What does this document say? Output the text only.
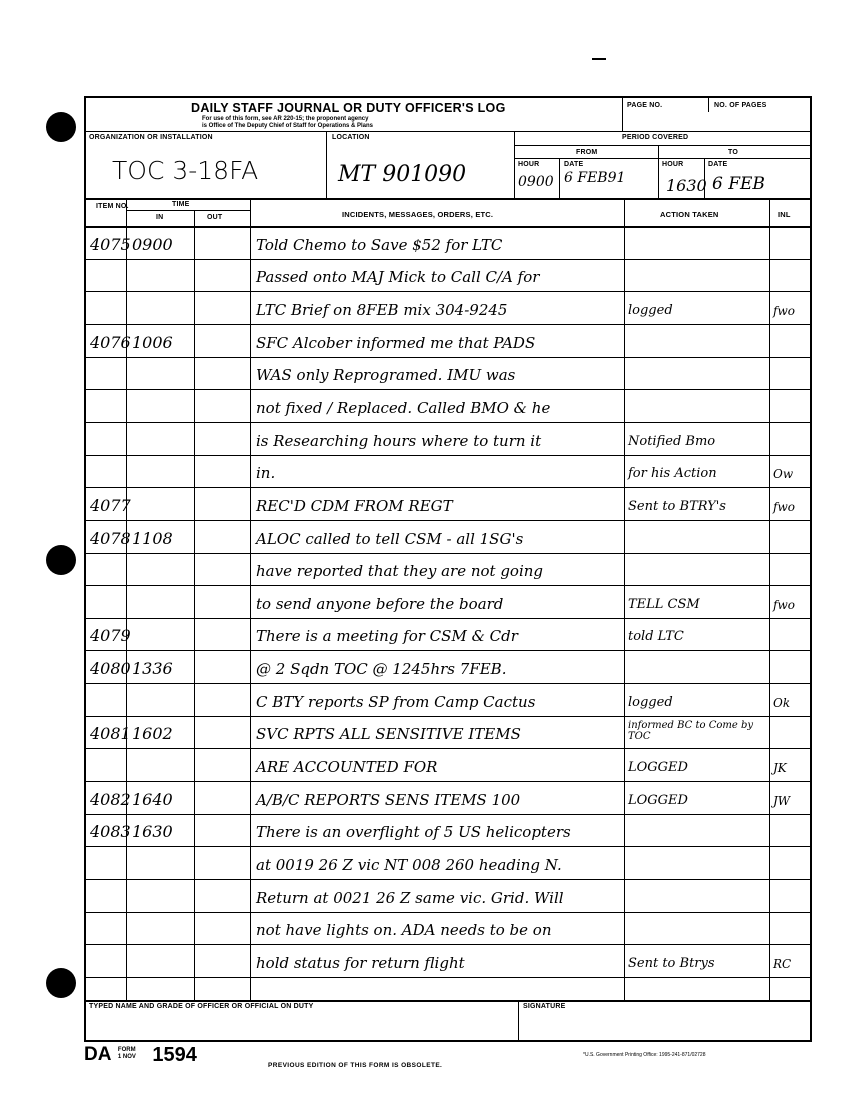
DAILY STAFF JOURNAL OR DUTY OFFICER'S LOG
For use of this form, see AR 220-15; the proponent agency
is Office of The Deputy Chief of Staff for Operations & Plans
PAGE NO.	NO. OF PAGES
ORGANIZATION OR INSTALLATION	LOCATION	PERIOD COVERED
FROM	TO
HOUR	DATE	HOUR	DATE
TOC 3-18FA	MT 901090	0900 6 FEB91	1630 6 FEB
ITEM NO.	TIME
IN	OUT	INCIDENTS, MESSAGES, ORDERS, ETC.	ACTION TAKEN	INL
4075 0900	Told Chemo to Save $52 for LTC
Passed onto MAJ Mick to Call C/A for
LTC Brief on 8FEB mix 304-9245	logged	fwo
4076 1006	SFC Alcober informed me that PADS
WAS only Reprogramed. IMU was
not fixed / Replaced. Called BMO & he
is Researching hours where to turn it	Notified Bmo
in.	for his Action	Ow
4077	REC'D CDM FROM REGT	Sent to BTRY's	fwo
4078 1108	ALOC called to tell CSM - all 1SG's
have reported that they are not going
to send anyone before the board	TELL CSM	fwo
4079	There is a meeting for CSM & Cdr	told LTC
4080 1336	@ 2 Sqdn TOC @ 1245hrs 7FEB.
C BTY reports SP from Camp Cactus	logged	Ok
4081 1602	SVC RPTS ALL SENSITIVE ITEMS
informed BC to Come by TOC
ARE ACCOUNTED FOR	LOGGED	JK
4082 1640	A/B/C REPORTS SENS ITEMS 100	LOGGED	JW
4083 1630	There is an overflight of 5 US helicopters
at 0019 26 Z vic NT 008 260 heading N.
Return at 0021 26 Z same vic. Grid. Will
not have lights on. ADA needs to be on
hold status for return flight	Sent to Btrys	RC
TYPED NAME AND GRADE OF OFFICER OR OFFICIAL ON DUTY	SIGNATURE
DA FORM
1 NOV 1594	PREVIOUS EDITION OF THIS FORM IS OBSOLETE.
*U.S. Government Printing Office: 1995-241-871/02728
